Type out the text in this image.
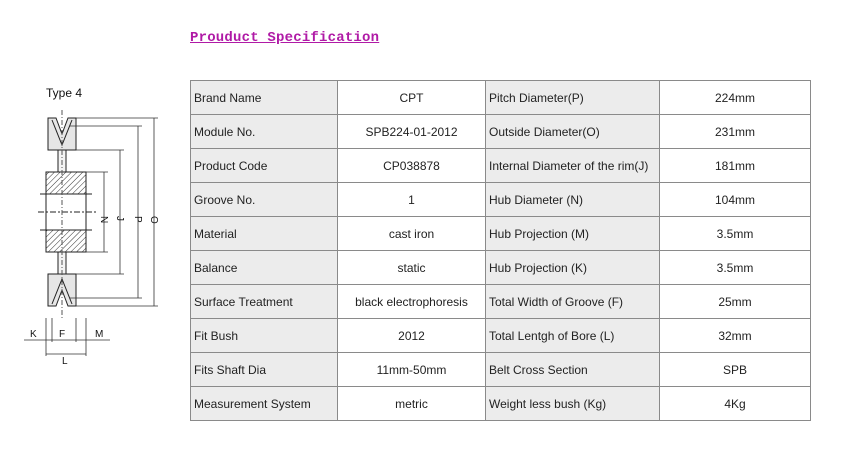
Prouduct Specification
Type 4
O
P
J
N
K F	M
L
Brand Name	CPT	Pitch Diameter(P)	224mm
Module No.	SPB224-01-2012	Outside Diameter(O)	231mm
Product Code	CP038878	Internal Diameter of the rim(J)	181mm
Groove No.	1	Hub Diameter (N)	104mm
Material	cast iron	Hub Projection (M)	3.5mm
Balance	static	Hub Projection (K)	3.5mm
Surface Treatment	black electrophoresis	Total Width of Groove (F)	25mm
Fit Bush	2012	Total Lentgh of Bore (L)	32mm
Fits Shaft Dia	11mm-50mm	Belt Cross Section	SPB
Measurement System	metric	Weight less bush (Kg)	4Kg
